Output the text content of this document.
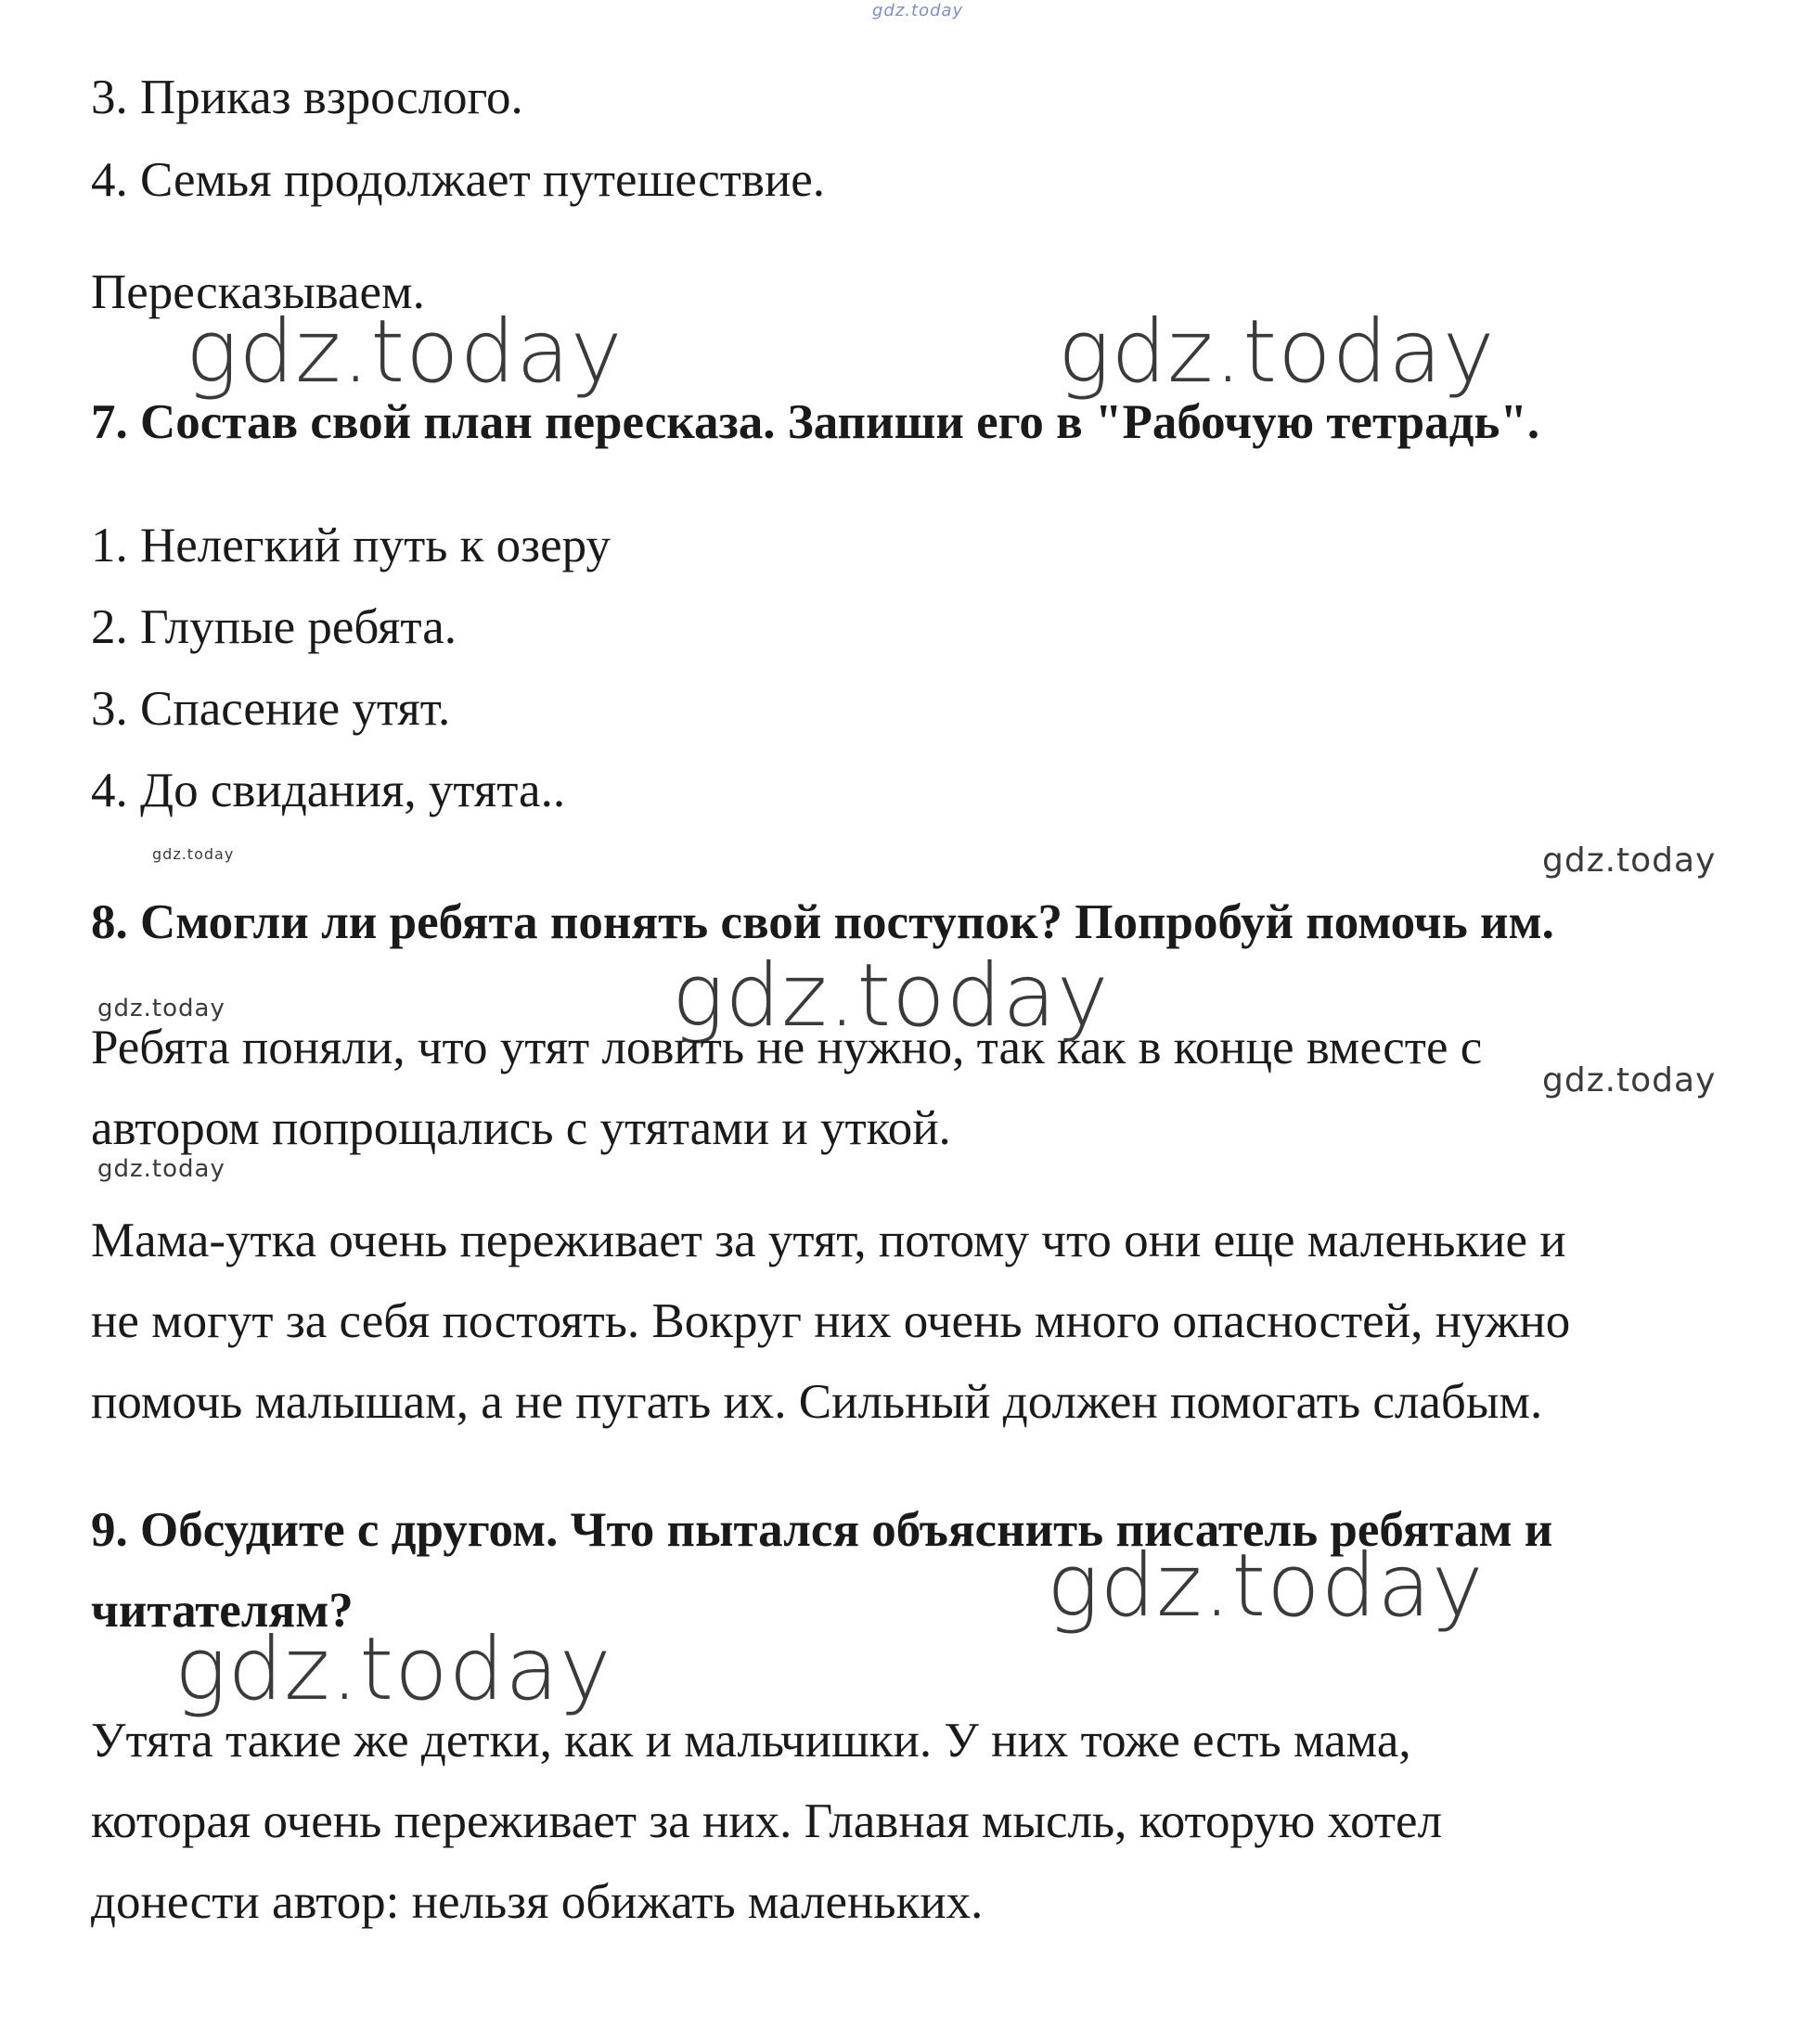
gdz.today

3. Приказ взрослого.

4. Семья продолжает путешествие.

Пересказываем.

gdz.today	gdz.today

7. Состав свой план пересказа. Запиши его в "Рабочую тетрадь".

1. Нелегкий путь к озеру

2. Глупые ребята.

3. Спасение утят.

4. До свидания, утята..

gdz.today	gdz.today

8. Смогли ли ребята понять свой поступок? Попробуй помочь им.

gdz.today

gdz.today

Ребята поняли, что утят ловить не нужно, так как в конце вместе с

gdz.today

автором попрощались с утятами и уткой.

gdz.today

Мама-утка очень переживает за утят, потому что они еще маленькие и

не могут за себя постоять. Вокруг них очень много опасностей, нужно

помочь малышам, а не пугать их. Сильный должен помогать слабым.

9. Обсудите с другом. Что пытался объяснить писатель ребятам и

читателям?	gdz.today

gdz.today

Утята такие же детки, как и мальчишки. У них тоже есть мама,

которая очень переживает за них. Главная мысль, которую хотел

донести автор: нельзя обижать маленьких.
